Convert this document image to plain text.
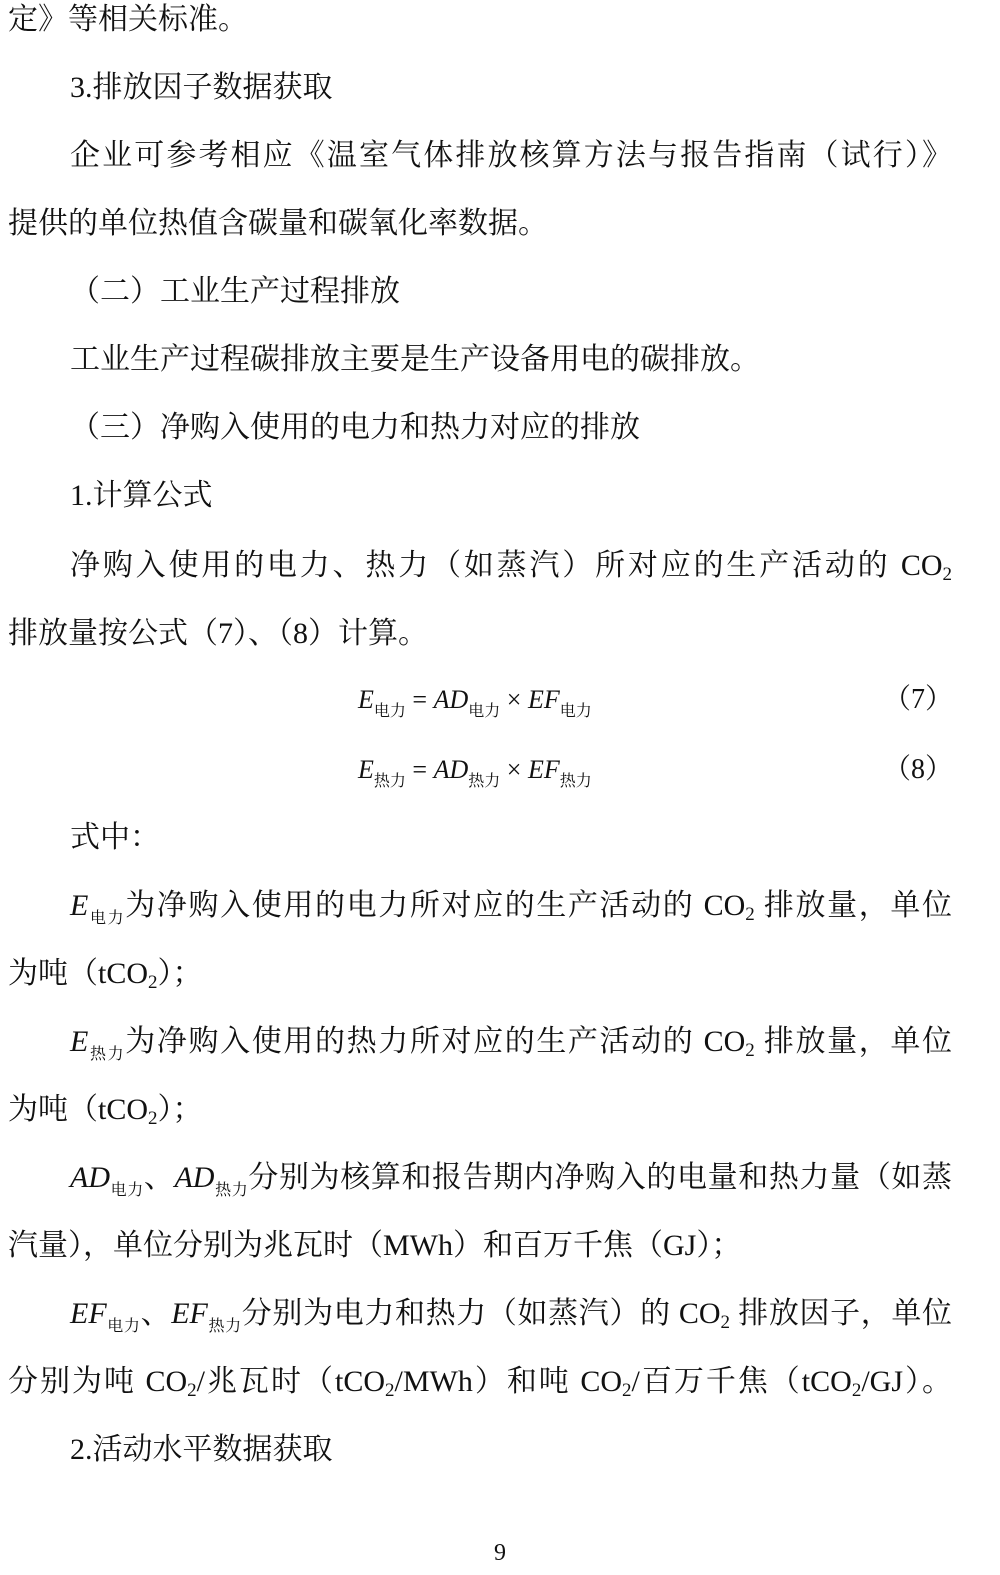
定》等相关标准。
3.排放因子数据获取
企业可参考相应《温室气体排放核算方法与报告指南（试行）》
提供的单位热值含碳量和碳氧化率数据。
（二）工业生产过程排放
工业生产过程碳排放主要是生产设备用电的碳排放。
（三）净购入使用的电力和热力对应的排放
1.计算公式
净购入使用的电力、热力（如蒸汽）所对应的生产活动的 CO2
排放量按公式（7）、（8）计算。
$E_{电力} = AD_{电力} \times EF_{电力}$	（7）
$E_{热力} = AD_{热力} \times EF_{热力}$	（8）
式中：
$E_{电力}$为净购入使用的电力所对应的生产活动的 CO2 排放量，单位
为吨（tCO2）；
$E_{热力}$为净购入使用的热力所对应的生产活动的 CO2 排放量，单位
为吨（tCO2）；
$AD_{电力}$、$AD_{热力}$分别为核算和报告期内净购入的电量和热力量（如蒸
汽量），单位分别为兆瓦时（MWh）和百万千焦（GJ）；
$EF_{电力}$、$EF_{热力}$分别为电力和热力（如蒸汽）的 CO2 排放因子，单位
分别为吨 CO2/兆瓦时（tCO2/MWh）和吨 CO2/百万千焦（tCO2/GJ）。
2.活动水平数据获取
9
